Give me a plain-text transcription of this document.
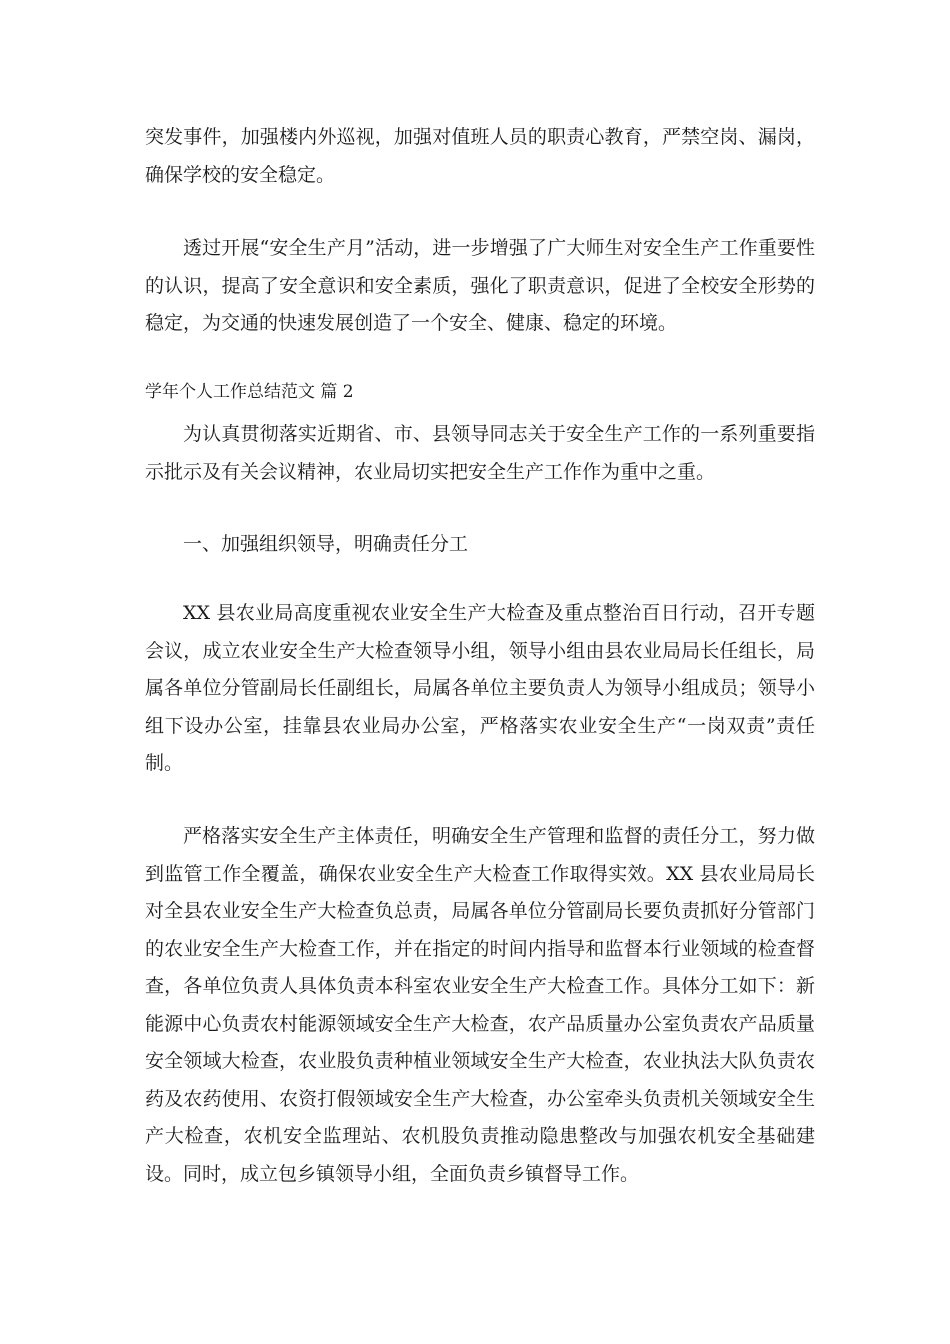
突发事件，加强楼内外巡视，加强对值班人员的职责心教育，严禁空岗、漏岗，确保学校的安全稳定。

透过开展“安全生产月”活动，进一步增强了广大师生对安全生产工作重要性的认识，提高了安全意识和安全素质，强化了职责意识，促进了全校安全形势的稳定，为交通的快速发展创造了一个安全、健康、稳定的环境。

学年个人工作总结范文 篇 2

为认真贯彻落实近期省、市、县领导同志关于安全生产工作的一系列重要指示批示及有关会议精神，农业局切实把安全生产工作作为重中之重。

一、加强组织领导，明确责任分工

XX 县农业局高度重视农业安全生产大检查及重点整治百日行动，召开专题会议，成立农业安全生产大检查领导小组，领导小组由县农业局局长任组长，局属各单位分管副局长任副组长，局属各单位主要负责人为领导小组成员；领导小组下设办公室，挂靠县农业局办公室，严格落实农业安全生产“一岗双责”责任制。

严格落实安全生产主体责任，明确安全生产管理和监督的责任分工，努力做到监管工作全覆盖，确保农业安全生产大检查工作取得实效。XX 县农业局局长对全县农业安全生产大检查负总责，局属各单位分管副局长要负责抓好分管部门的农业安全生产大检查工作，并在指定的时间内指导和监督本行业领域的检查督查，各单位负责人具体负责本科室农业安全生产大检查工作。具体分工如下：新能源中心负责农村能源领域安全生产大检查，农产品质量办公室负责农产品质量安全领域大检查，农业股负责种植业领域安全生产大检查，农业执法大队负责农药及农药使用、农资打假领域安全生产大检查，办公室牵头负责机关领域安全生产大检查，农机安全监理站、农机股负责推动隐患整改与加强农机安全基础建设。同时，成立包乡镇领导小组，全面负责乡镇督导工作。
